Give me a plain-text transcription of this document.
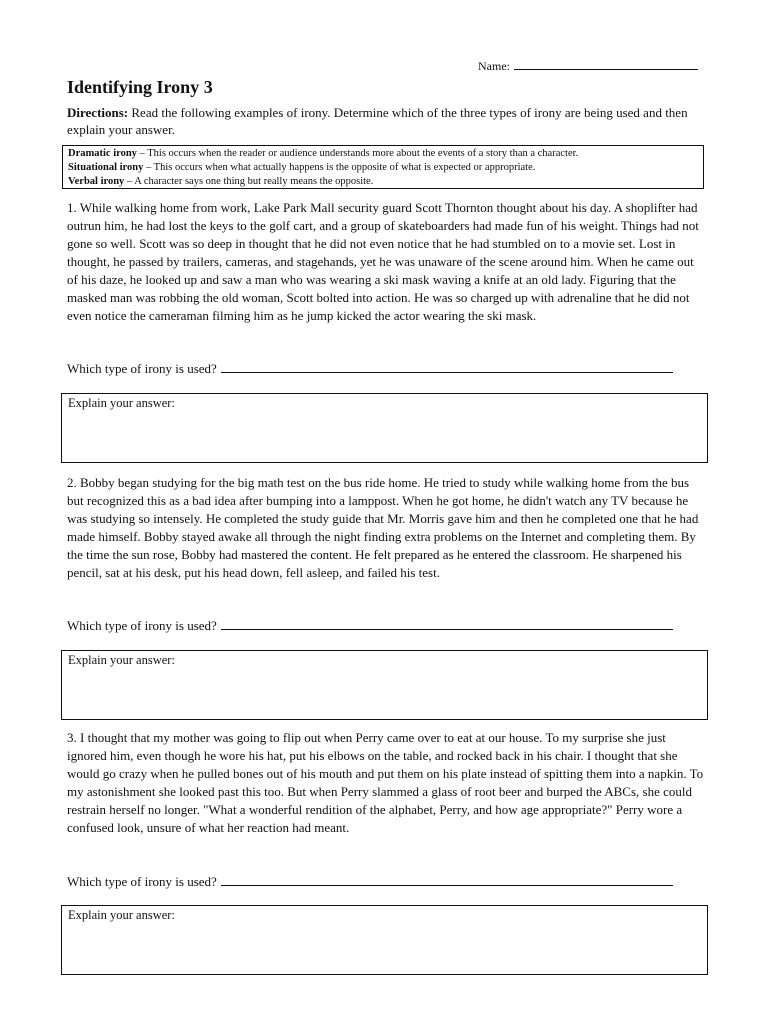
Name:
Identifying Irony 3
Directions: Read the following examples of irony. Determine which of the three types of irony are being used and then explain your answer.
Dramatic irony – This occurs when the reader or audience understands more about the events of a story than a character.
Situational irony – This occurs when what actually happens is the opposite of what is expected or appropriate.
Verbal irony – A character says one thing but really means the opposite.
1. While walking home from work, Lake Park Mall security guard Scott Thornton thought about his day. A shoplifter had outrun him, he had lost the keys to the golf cart, and a group of skateboarders had made fun of his weight. Things had not gone so well. Scott was so deep in thought that he did not even notice that he had stumbled on to a movie set. Lost in thought, he passed by trailers, cameras, and stagehands, yet he was unaware of the scene around him. When he came out of his daze, he looked up and saw a man who was wearing a ski mask waving a knife at an old lady. Figuring that the masked man was robbing the old woman, Scott bolted into action. He was so charged up with adrenaline that he did not even notice the cameraman filming him as he jump kicked the actor wearing the ski mask.
Which type of irony is used?
Explain your answer:
2. Bobby began studying for the big math test on the bus ride home. He tried to study while walking home from the bus but recognized this as a bad idea after bumping into a lamppost. When he got home, he didn't watch any TV because he was studying so intensely. He completed the study guide that Mr. Morris gave him and then he completed one that he had made himself. Bobby stayed awake all through the night finding extra problems on the Internet and completing them. By the time the sun rose, Bobby had mastered the content. He felt prepared as he entered the classroom. He sharpened his pencil, sat at his desk, put his head down, fell asleep, and failed his test.
Which type of irony is used?
Explain your answer:
3. I thought that my mother was going to flip out when Perry came over to eat at our house. To my surprise she just ignored him, even though he wore his hat, put his elbows on the table, and rocked back in his chair. I thought that she would go crazy when he pulled bones out of his mouth and put them on his plate instead of spitting them into a napkin. To my astonishment she looked past this too. But when Perry slammed a glass of root beer and burped the ABCs, she could restrain herself no longer. "What a wonderful rendition of the alphabet, Perry, and how age appropriate?" Perry wore a confused look, unsure of what her reaction had meant.
Which type of irony is used?
Explain your answer:
